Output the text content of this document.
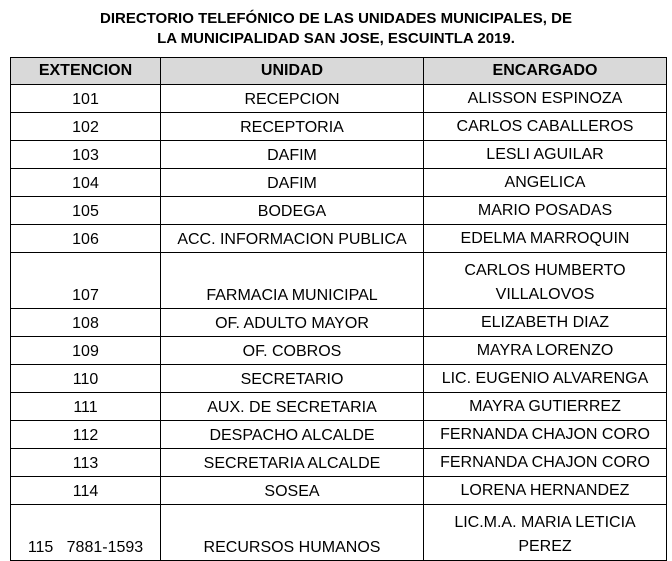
DIRECTORIO TELEFÓNICO DE LAS UNIDADES MUNICIPALES, DE
LA MUNICIPALIDAD SAN JOSE, ESCUINTLA 2019.
EXTENCION	UNIDAD	ENCARGADO
101	RECEPCION	ALISSON ESPINOZA

102	RECEPTORIA	CARLOS CABALLEROS

103	DAFIM	LESLI AGUILAR

104	DAFIM	ANGELICA

105	BODEGA	MARIO POSADAS

106	ACC. INFORMACION PUBLICA	EDELMA MARROQUIN

107	FARMACIA MUNICIPAL	CARLOS HUMBERTO
VILLALOVOS

108	OF. ADULTO MAYOR	ELIZABETH DIAZ

109	OF. COBROS	MAYRA LORENZO

110	SECRETARIO	LIC. EUGENIO ALVARENGA

111	AUX. DE SECRETARIA	MAYRA GUTIERREZ

112	DESPACHO ALCALDE	FERNANDA CHAJON CORO

113	SECRETARIA ALCALDE	FERNANDA CHAJON CORO

114	SOSEA	LORENA HERNANDEZ

115   7881-1593	RECURSOS HUMANOS	LIC.M.A. MARIA LETICIA
PEREZ
